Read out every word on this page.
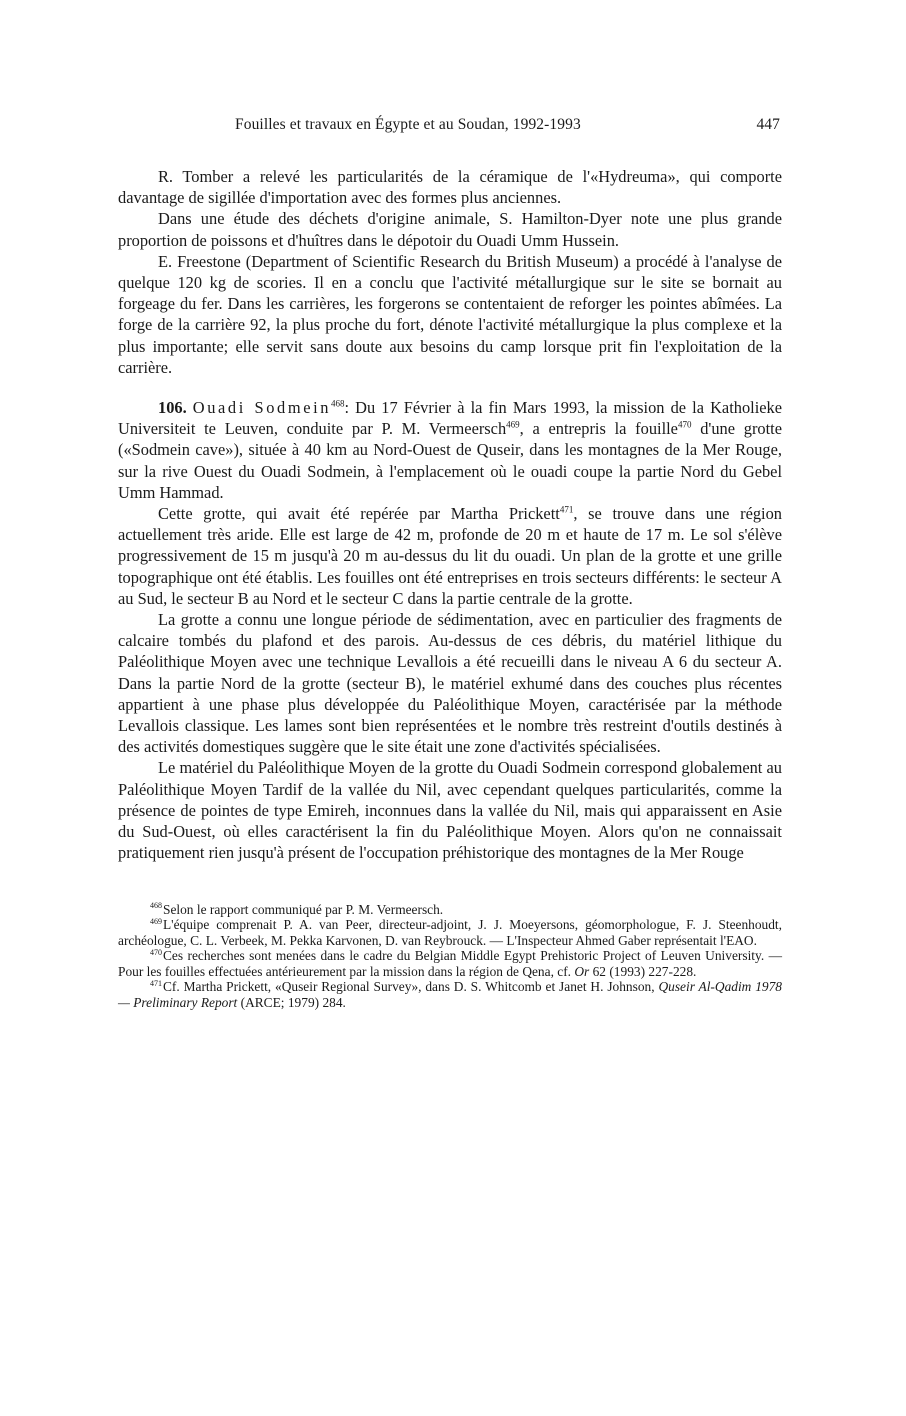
Fouilles et travaux en Égypte et au Soudan, 1992-1993	447

R. Tomber a relevé les particularités de la céramique de l'«Hydreuma», qui comporte davantage de sigillée d'importation avec des formes plus anciennes.

Dans une étude des déchets d'origine animale, S. Hamilton-Dyer note une plus grande proportion de poissons et d'huîtres dans le dépotoir du Ouadi Umm Hussein.

E. Freestone (Department of Scientific Research du British Museum) a procédé à l'analyse de quelque 120 kg de scories. Il en a conclu que l'activité métallurgique sur le site se bornait au forgeage du fer. Dans les carrières, les forgerons se contentaient de reforger les pointes abîmées. La forge de la carrière 92, la plus proche du fort, dénote l'activité métallurgique la plus complexe et la plus importante; elle servit sans doute aux besoins du camp lorsque prit fin l'exploitation de la carrière.

106. Ouadi Sodmein$^{468}$: Du 17 Février à la fin Mars 1993, la mission de la Katholieke Universiteit te Leuven, conduite par P. M. Vermeersch$^{469}$, a entrepris la fouille$^{470}$ d'une grotte («Sodmein cave»), située à 40 km au Nord-Ouest de Quseir, dans les montagnes de la Mer Rouge, sur la rive Ouest du Ouadi Sodmein, à l'emplacement où le ouadi coupe la partie Nord du Gebel Umm Hammad.

Cette grotte, qui avait été repérée par Martha Prickett$^{471}$, se trouve dans une région actuellement très aride. Elle est large de 42 m, profonde de 20 m et haute de 17 m. Le sol s'élève progressivement de 15 m jusqu'à 20 m au-dessus du lit du ouadi. Un plan de la grotte et une grille topographique ont été établis. Les fouilles ont été entreprises en trois secteurs différents: le secteur A au Sud, le secteur B au Nord et le secteur C dans la partie centrale de la grotte.

La grotte a connu une longue période de sédimentation, avec en particulier des fragments de calcaire tombés du plafond et des parois. Au-dessus de ces débris, du matériel lithique du Paléolithique Moyen avec une technique Levallois a été recueilli dans le niveau A 6 du secteur A. Dans la partie Nord de la grotte (secteur B), le matériel exhumé dans des couches plus récentes appartient à une phase plus développée du Paléolithique Moyen, caractérisée par la méthode Levallois classique. Les lames sont bien représentées et le nombre très restreint d'outils destinés à des activités domestiques suggère que le site était une zone d'activités spécialisées.

Le matériel du Paléolithique Moyen de la grotte du Ouadi Sodmein correspond globalement au Paléolithique Moyen Tardif de la vallée du Nil, avec cependant quelques particularités, comme la présence de pointes de type Emireh, inconnues dans la vallée du Nil, mais qui apparaissent en Asie du Sud-Ouest, où elles caractérisent la fin du Paléolithique Moyen. Alors qu'on ne connaissait pratiquement rien jusqu'à présent de l'occupation préhistorique des montagnes de la Mer Rouge

$^{468}$Selon le rapport communiqué par P. M. Vermeersch.

$^{469}$L'équipe comprenait P. A. van Peer, directeur-adjoint, J. J. Moeyersons, géomorphologue, F. J. Steenhoudt, archéologue, C. L. Verbeek, M. Pekka Karvonen, D. van Reybrouck. — L'Inspecteur Ahmed Gaber représentait l'EAO.

$^{470}$Ces recherches sont menées dans le cadre du Belgian Middle Egypt Prehistoric Project of Leuven University. — Pour les fouilles effectuées antérieurement par la mission dans la région de Qena, cf. Or 62 (1993) 227-228.

$^{471}$Cf. Martha Prickett, «Quseir Regional Survey», dans D. S. Whitcomb et Janet H. Johnson, Quseir Al-Qadim 1978 — Preliminary Report (ARCE; 1979) 284.
